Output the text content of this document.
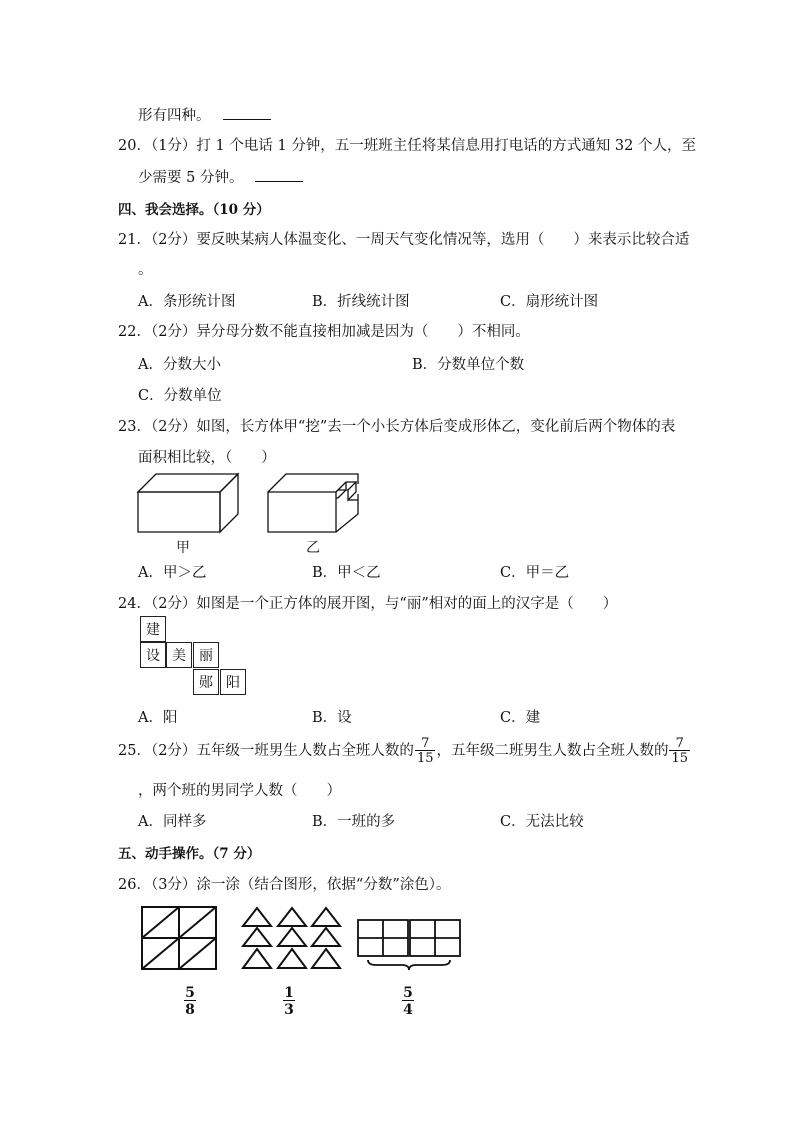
形有四种。
20．（1分）打 1 个电话 1 分钟，五一班班主任将某信息用打电话的方式通知 32 个人，至
少需要 5 分钟。
四、我会选择。（10 分）
21．（2分）要反映某病人体温变化、一周天气变化情况等，选用（　　）来表示比较合适
。
A．条形统计图	B．折线统计图	C．扇形统计图
22．（2分）异分母分数不能直接相加减是因为（　　）不相同。
A．分数大小	B．分数单位个数
C．分数单位
23．（2分）如图，长方体甲“挖”去一个小长方体后变成形体乙，变化前后两个物体的表
面积相比较，（　　）
甲	乙
A．甲＞乙	B．甲＜乙	C．甲＝乙
24．（2分）如图是一个正方体的展开图，与“丽”相对的面上的汉字是（　　）
建
设 美 丽
郧 阳
A．阳	B．设	C．建
25．（2分）五年级一班男生人数占全班人数的 $\frac{7}{15}$ ，五年级二班男生人数占全班人数的 $\frac{7}{15}$
，两个班的男同学人数（　　）
A．同样多	B．一班的多	C．无法比较
五、动手操作。（7 分）
26．（3分）涂一涂（结合图形，依据“分数”涂色）。
$\frac{5}{8}$	$\frac{1}{3}$	$\frac{5}{4}$
